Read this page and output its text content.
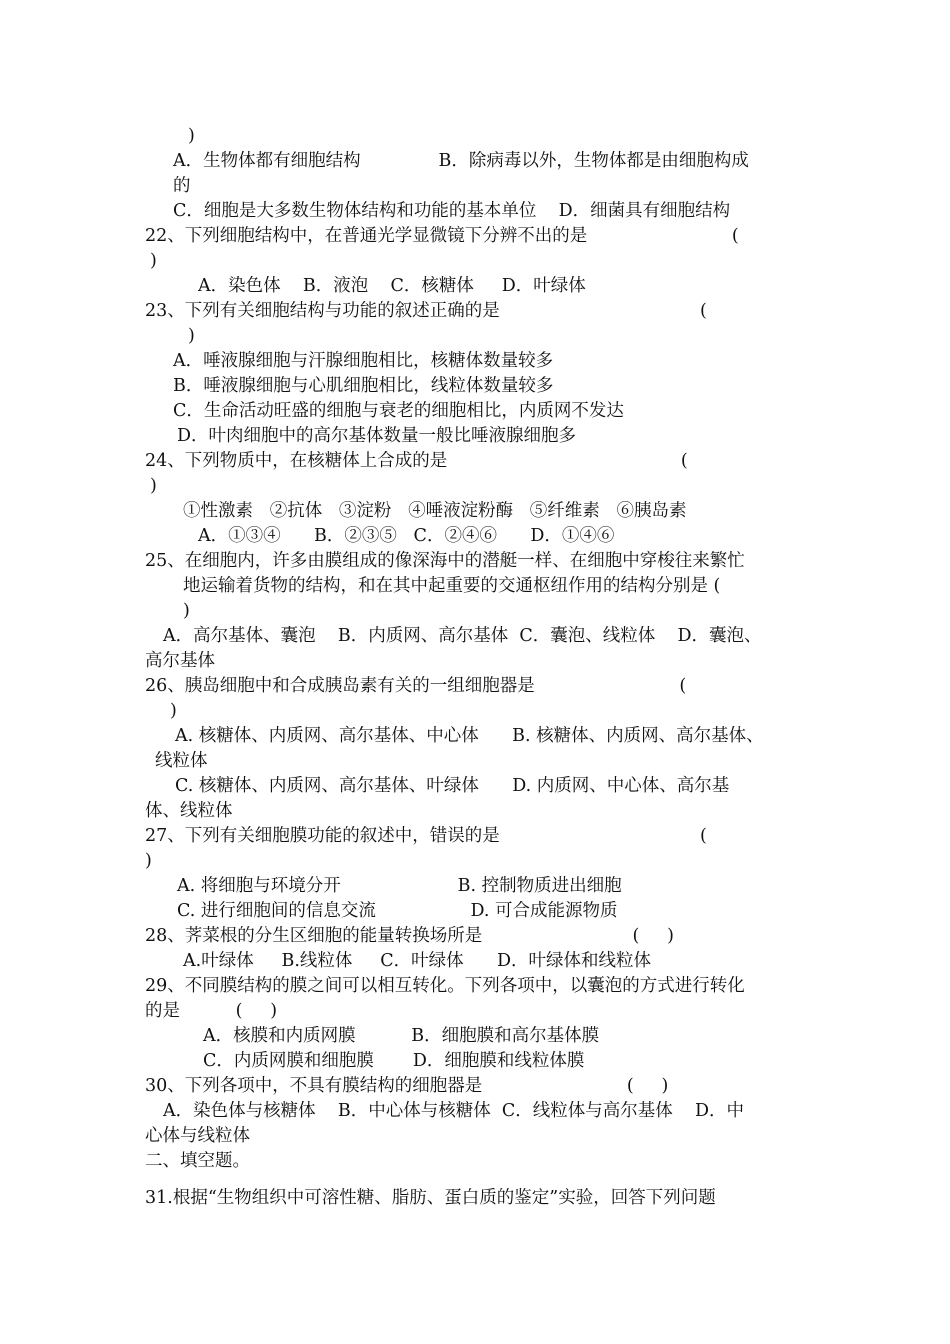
)
A．生物体都有细胞结构              B．除病毒以外，生物体都是由细胞构成
的
C．细胞是大多数生物体结构和功能的基本单位    D．细菌具有细胞结构
22、下列细胞结构中，在普通光学显微镜下分辨不出的是                          (
)
A．染色体    B．液泡    C．核糖体     D．叶绿体
23、下列有关细胞结构与功能的叙述正确的是                                    (
)
A．唾液腺细胞与汗腺细胞相比，核糖体数量较多
B．唾液腺细胞与心肌细胞相比，线粒体数量较多
C．生命活动旺盛的细胞与衰老的细胞相比，内质网不发达
D．叶肉细胞中的高尔基体数量一般比唾液腺细胞多
24、下列物质中，在核糖体上合成的是                                          (
)
①性激素   ②抗体   ③淀粉   ④唾液淀粉酶   ⑤纤维素   ⑥胰岛素
A．①③④      B．②③⑤   C．②④⑥      D．①④⑥
25、在细胞内，许多由膜组成的像深海中的潜艇一样、在细胞中穿梭往来繁忙
地运输着货物的结构，和在其中起重要的交通枢纽作用的结构分别是 (
)
A．高尔基体、囊泡    B．内质网、高尔基体  C．囊泡、线粒体    D．囊泡、
高尔基体
26、胰岛细胞中和合成胰岛素有关的一组细胞器是                          (
)
A. 核糖体、内质网、高尔基体、中心体      B. 核糖体、内质网、高尔基体、
线粒体
C. 核糖体、内质网、高尔基体、叶绿体      D. 内质网、中心体、高尔基
体、线粒体
27、下列有关细胞膜功能的叙述中，错误的是                                    (
)
A. 将细胞与环境分开                     B. 控制物质进出细胞
C. 进行细胞间的信息交流                 D. 可合成能源物质
28、荠菜根的分生区细胞的能量转换场所是                           (     )
A.叶绿体     B.线粒体     C．叶绿体      D．叶绿体和线粒体
29、不同膜结构的膜之间可以相互转化。下列各项中，以囊泡的方式进行转化
的是          (     )
A．核膜和内质网膜          B．细胞膜和高尔基体膜
C．内质网膜和细胞膜       D．细胞膜和线粒体膜
30、下列各项中，不具有膜结构的细胞器是                          (     )
A．染色体与核糖体    B．中心体与核糖体  C．线粒体与高尔基体    D．中
心体与线粒体
二、填空题。
31.根据“生物组织中可溶性糖、脂肪、蛋白质的鉴定”实验，回答下列问题
